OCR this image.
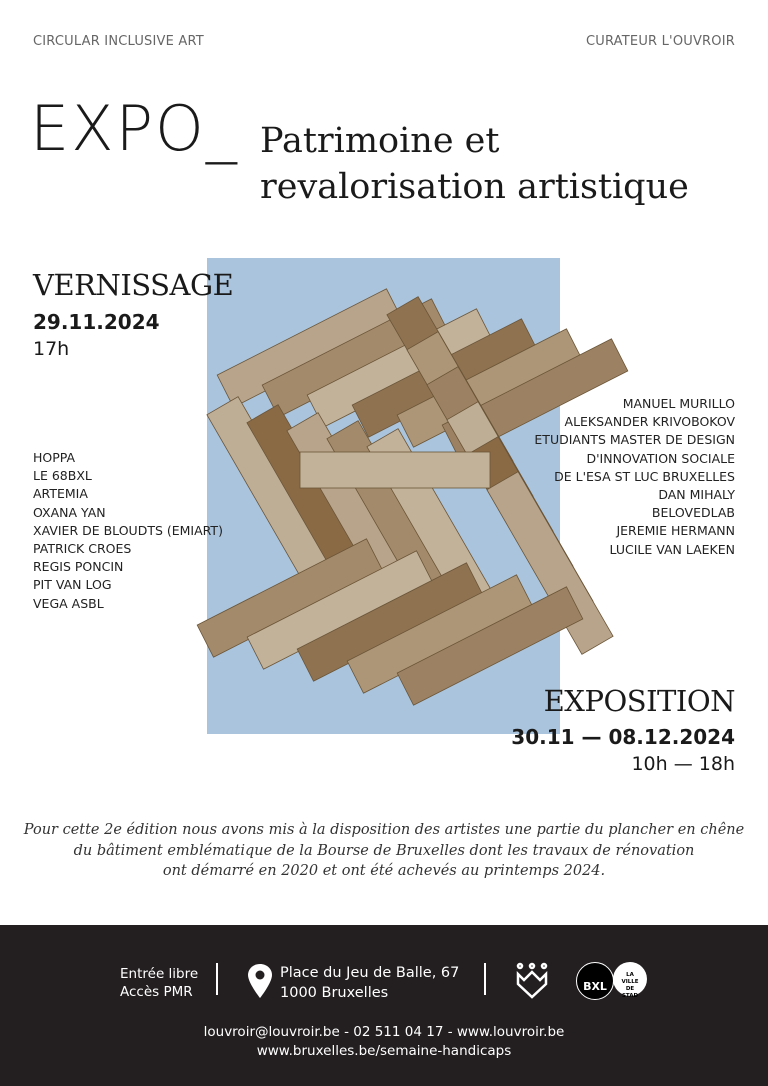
CIRCULAR INCLUSIVE ART	CURATEUR L'OUVROIR
EXPO_ Patrimoine et
revalorisation artistique
VERNISSAGE
29.11.2024
17h
HOPPA
LE 68BXL
ARTEMIA
OXANA YAN
XAVIER DE BLOUDTS (EMIART)
PATRICK CROES
REGIS PONCIN
PIT VAN LOG
VEGA ASBL
MANUEL MURILLO
ALEKSANDER KRIVOBOKOV
ETUDIANTS MASTER DE DESIGN
D'INNOVATION SOCIALE
DE L'ESA ST LUC BRUXELLES
DAN MIHALY
BELOVEDLAB
JEREMIE HERMANN
LUCILE VAN LAEKEN
EXPOSITION
30.11 — 08.12.2024
10h — 18h
Pour cette 2e édition nous avons mis à la disposition des artistes une partie du plancher en chêne
du bâtiment emblématique de la Bourse de Bruxelles dont les travaux de rénovation
ont démarré en 2020 et ont été achevés au printemps 2024.
Entrée libre
Accès PMR
Place du Jeu de Balle, 67
1000 Bruxelles	BXL
LA VILLE DE STAD
louvroir@louvroir.be - 02 511 04 17 - www.louvroir.be
www.bruxelles.be/semaine-handicaps
